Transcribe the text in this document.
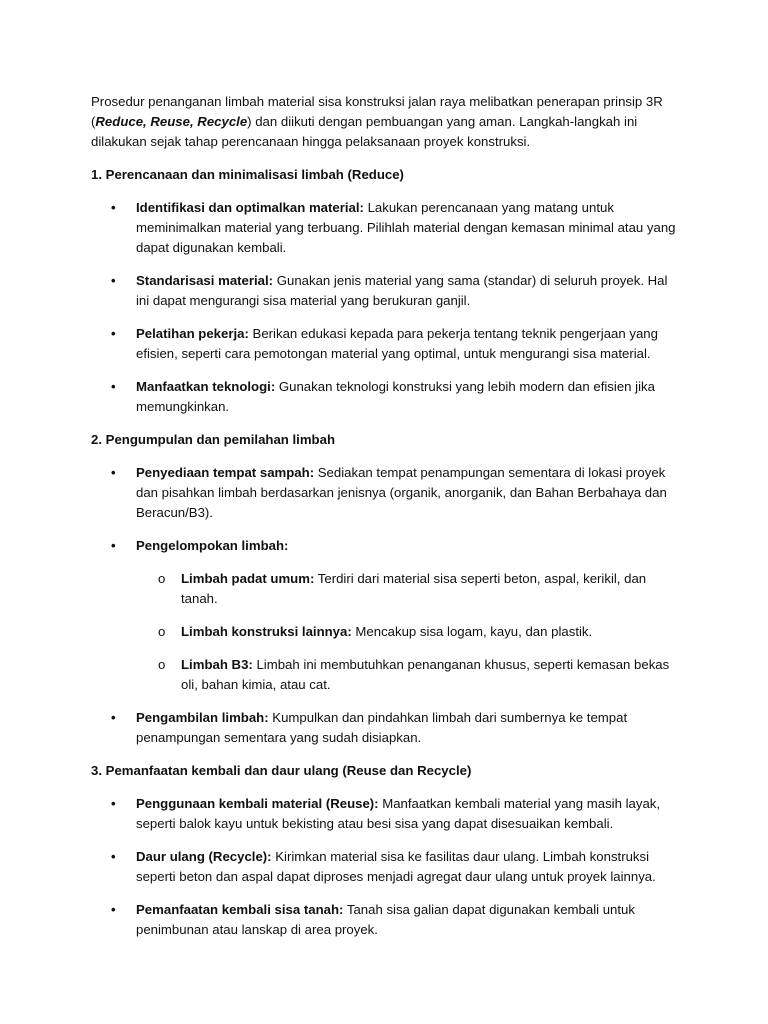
Prosedur penanganan limbah material sisa konstruksi jalan raya melibatkan penerapan prinsip 3R (Reduce, Reuse, Recycle) dan diikuti dengan pembuangan yang aman. Langkah-langkah ini dilakukan sejak tahap perencanaan hingga pelaksanaan proyek konstruksi.

1. Perencanaan dan minimalisasi limbah (Reduce)

• Identifikasi dan optimalkan material: Lakukan perencanaan yang matang untuk meminimalkan material yang terbuang. Pilihlah material dengan kemasan minimal atau yang dapat digunakan kembali.
• Standarisasi material: Gunakan jenis material yang sama (standar) di seluruh proyek. Hal ini dapat mengurangi sisa material yang berukuran ganjil.
• Pelatihan pekerja: Berikan edukasi kepada para pekerja tentang teknik pengerjaan yang efisien, seperti cara pemotongan material yang optimal, untuk mengurangi sisa material.
• Manfaatkan teknologi: Gunakan teknologi konstruksi yang lebih modern dan efisien jika memungkinkan.

2. Pengumpulan dan pemilahan limbah

• Penyediaan tempat sampah: Sediakan tempat penampungan sementara di lokasi proyek dan pisahkan limbah berdasarkan jenisnya (organik, anorganik, dan Bahan Berbahaya dan Beracun/B3).
• Pengelompokan limbah:
o Limbah padat umum: Terdiri dari material sisa seperti beton, aspal, kerikil, dan tanah.
o Limbah konstruksi lainnya: Mencakup sisa logam, kayu, dan plastik.
o Limbah B3: Limbah ini membutuhkan penanganan khusus, seperti kemasan bekas oli, bahan kimia, atau cat.
• Pengambilan limbah: Kumpulkan dan pindahkan limbah dari sumbernya ke tempat penampungan sementara yang sudah disiapkan.

3. Pemanfaatan kembali dan daur ulang (Reuse dan Recycle)

• Penggunaan kembali material (Reuse): Manfaatkan kembali material yang masih layak, seperti balok kayu untuk bekisting atau besi sisa yang dapat disesuaikan kembali.
• Daur ulang (Recycle): Kirimkan material sisa ke fasilitas daur ulang. Limbah konstruksi seperti beton dan aspal dapat diproses menjadi agregat daur ulang untuk proyek lainnya.
• Pemanfaatan kembali sisa tanah: Tanah sisa galian dapat digunakan kembali untuk penimbunan atau lanskap di area proyek.
